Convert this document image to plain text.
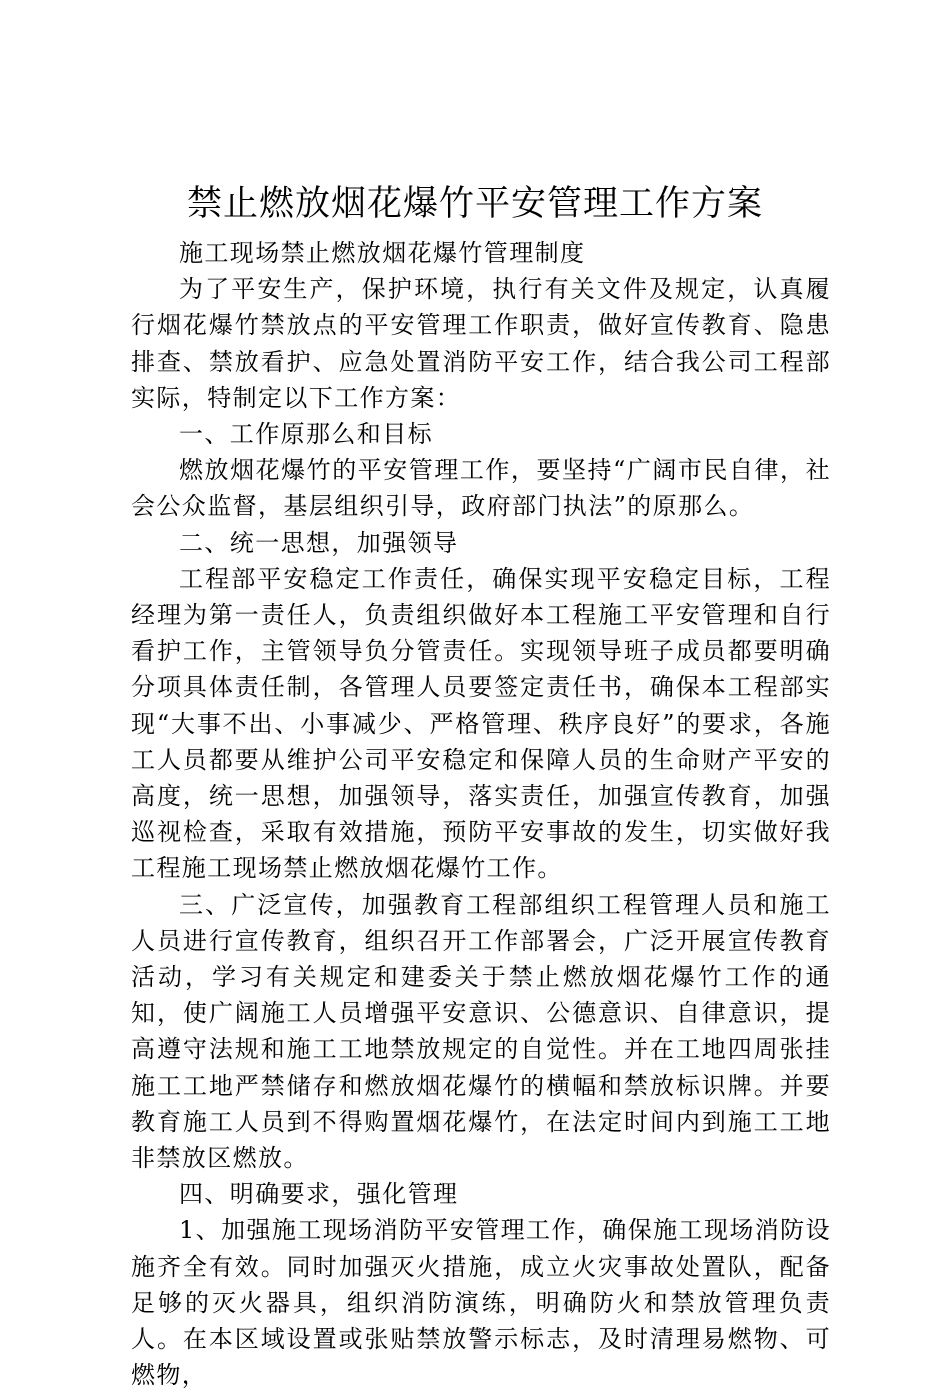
禁止燃放烟花爆竹平安管理工作方案

施工现场禁止燃放烟花爆竹管理制度

为了平安生产，保护环境，执行有关文件及规定，认真履行烟花爆竹禁放点的平安管理工作职责，做好宣传教育、隐患排查、禁放看护、应急处置消防平安工作，结合我公司工程部实际，特制定以下工作方案：

一、工作原那么和目标

燃放烟花爆竹的平安管理工作，要坚持“广阔市民自律，社会公众监督，基层组织引导，政府部门执法”的原那么。

二、统一思想，加强领导

工程部平安稳定工作责任，确保实现平安稳定目标，工程经理为第一责任人，负责组织做好本工程施工平安管理和自行看护工作，主管领导负分管责任。实现领导班子成员都要明确分项具体责任制，各管理人员要签定责任书，确保本工程部实现“大事不出、小事减少、严格管理、秩序良好”的要求，各施工人员都要从维护公司平安稳定和保障人员的生命财产平安的高度，统一思想，加强领导，落实责任，加强宣传教育，加强巡视检查，采取有效措施，预防平安事故的发生，切实做好我工程施工现场禁止燃放烟花爆竹工作。

三、广泛宣传，加强教育工程部组织工程管理人员和施工人员进行宣传教育，组织召开工作部署会，广泛开展宣传教育活动，学习有关规定和建委关于禁止燃放烟花爆竹工作的通知，使广阔施工人员增强平安意识、公德意识、自律意识，提高遵守法规和施工工地禁放规定的自觉性。并在工地四周张挂施工工地严禁储存和燃放烟花爆竹的横幅和禁放标识牌。并要教育施工人员到不得购置烟花爆竹，在法定时间内到施工工地非禁放区燃放。

四、明确要求，强化管理

1、加强施工现场消防平安管理工作，确保施工现场消防设施齐全有效。同时加强灭火措施，成立火灾事故处置队，配备足够的灭火器具，组织消防演练，明确防火和禁放管理负责人。在本区域设置或张贴禁放警示标志，及时清理易燃物、可燃物，
